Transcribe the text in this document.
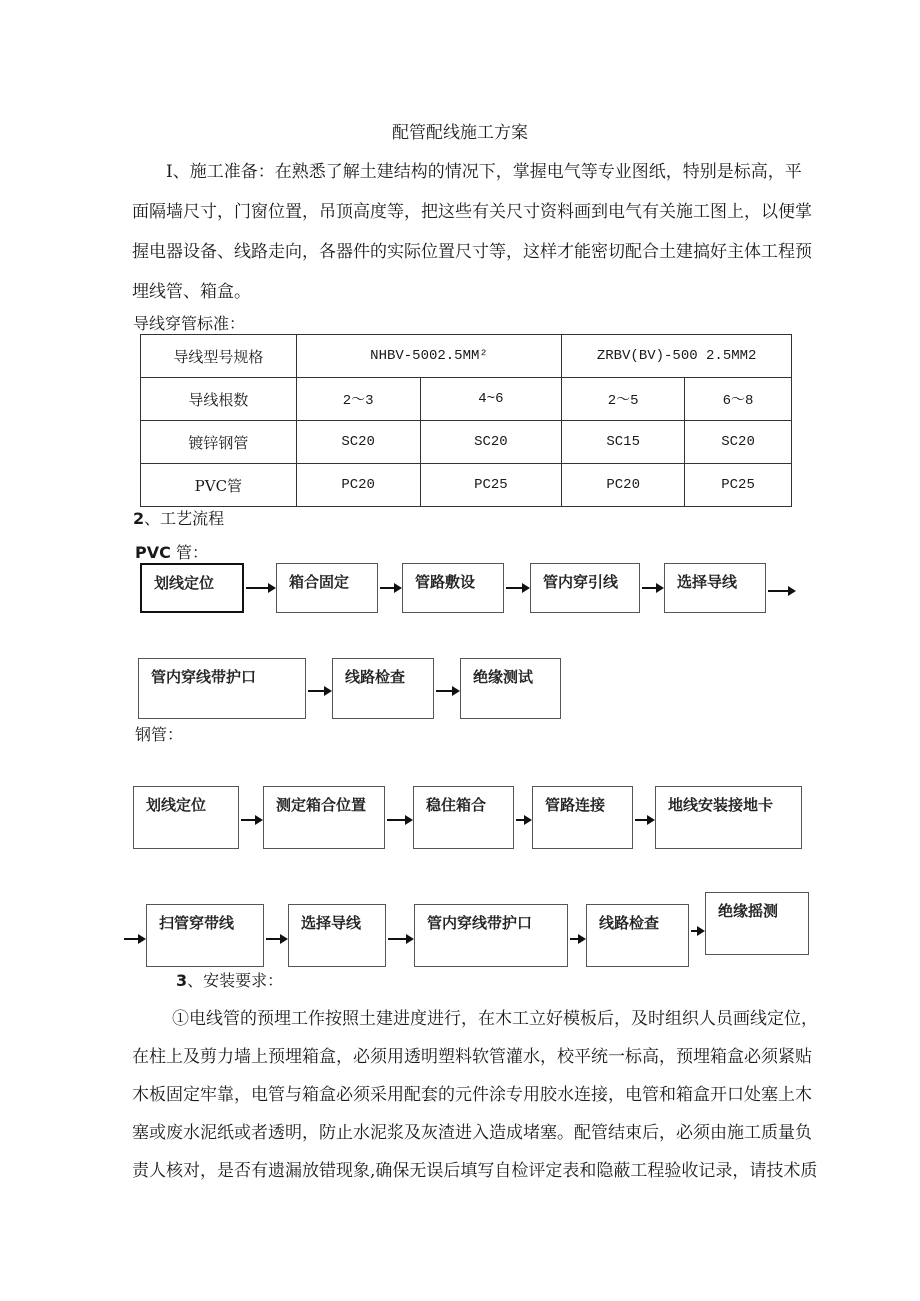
配管配线施工方案
I、施工准备：在熟悉了解土建结构的情况下，掌握电气等专业图纸，特别是标高，平
面隔墙尺寸，门窗位置，吊顶高度等，把这些有关尺寸资料画到电气有关施工图上，以便掌
握电器设备、线路走向，各器件的实际位置尺寸等，这样才能密切配合土建搞好主体工程预
埋线管、箱盒。
导线穿管标准：
导线型号规格	NHBV-5002.5MM²		ZRBV(BV)-500 2.5MM2	
导线根数	2～3	4~6	2～5	6～8
镀锌钢管	SC20	SC20	SC15	SC20
PVC管	PC20	PC25	PC20	PC25
2、工艺流程
PVC 管：
划线定位	箱合固定	管路敷设	管内穿引线	选择导线
管内穿线带护口	线路检查	绝缘测试
钢管：
划线定位	测定箱合位置	稳住箱合	管路连接	地线安装接地卡
扫管穿带线	选择导线	管内穿线带护口	线路检查
绝缘摇测
3、安装要求：
①电线管的预埋工作按照土建进度进行，在木工立好模板后，及时组织人员画线定位，
在柱上及剪力墙上预埋箱盒，必须用透明塑料软管灌水，校平统一标高，预埋箱盒必须紧贴
木板固定牢靠，电管与箱盒必须采用配套的元件涂专用胶水连接，电管和箱盒开口处塞上木
塞或废水泥纸或者透明，防止水泥浆及灰渣进入造成堵塞。配管结束后，必须由施工质量负
责人核对，是否有遗漏放错现象,确保无误后填写自检评定表和隐蔽工程验收记录，请技术质
